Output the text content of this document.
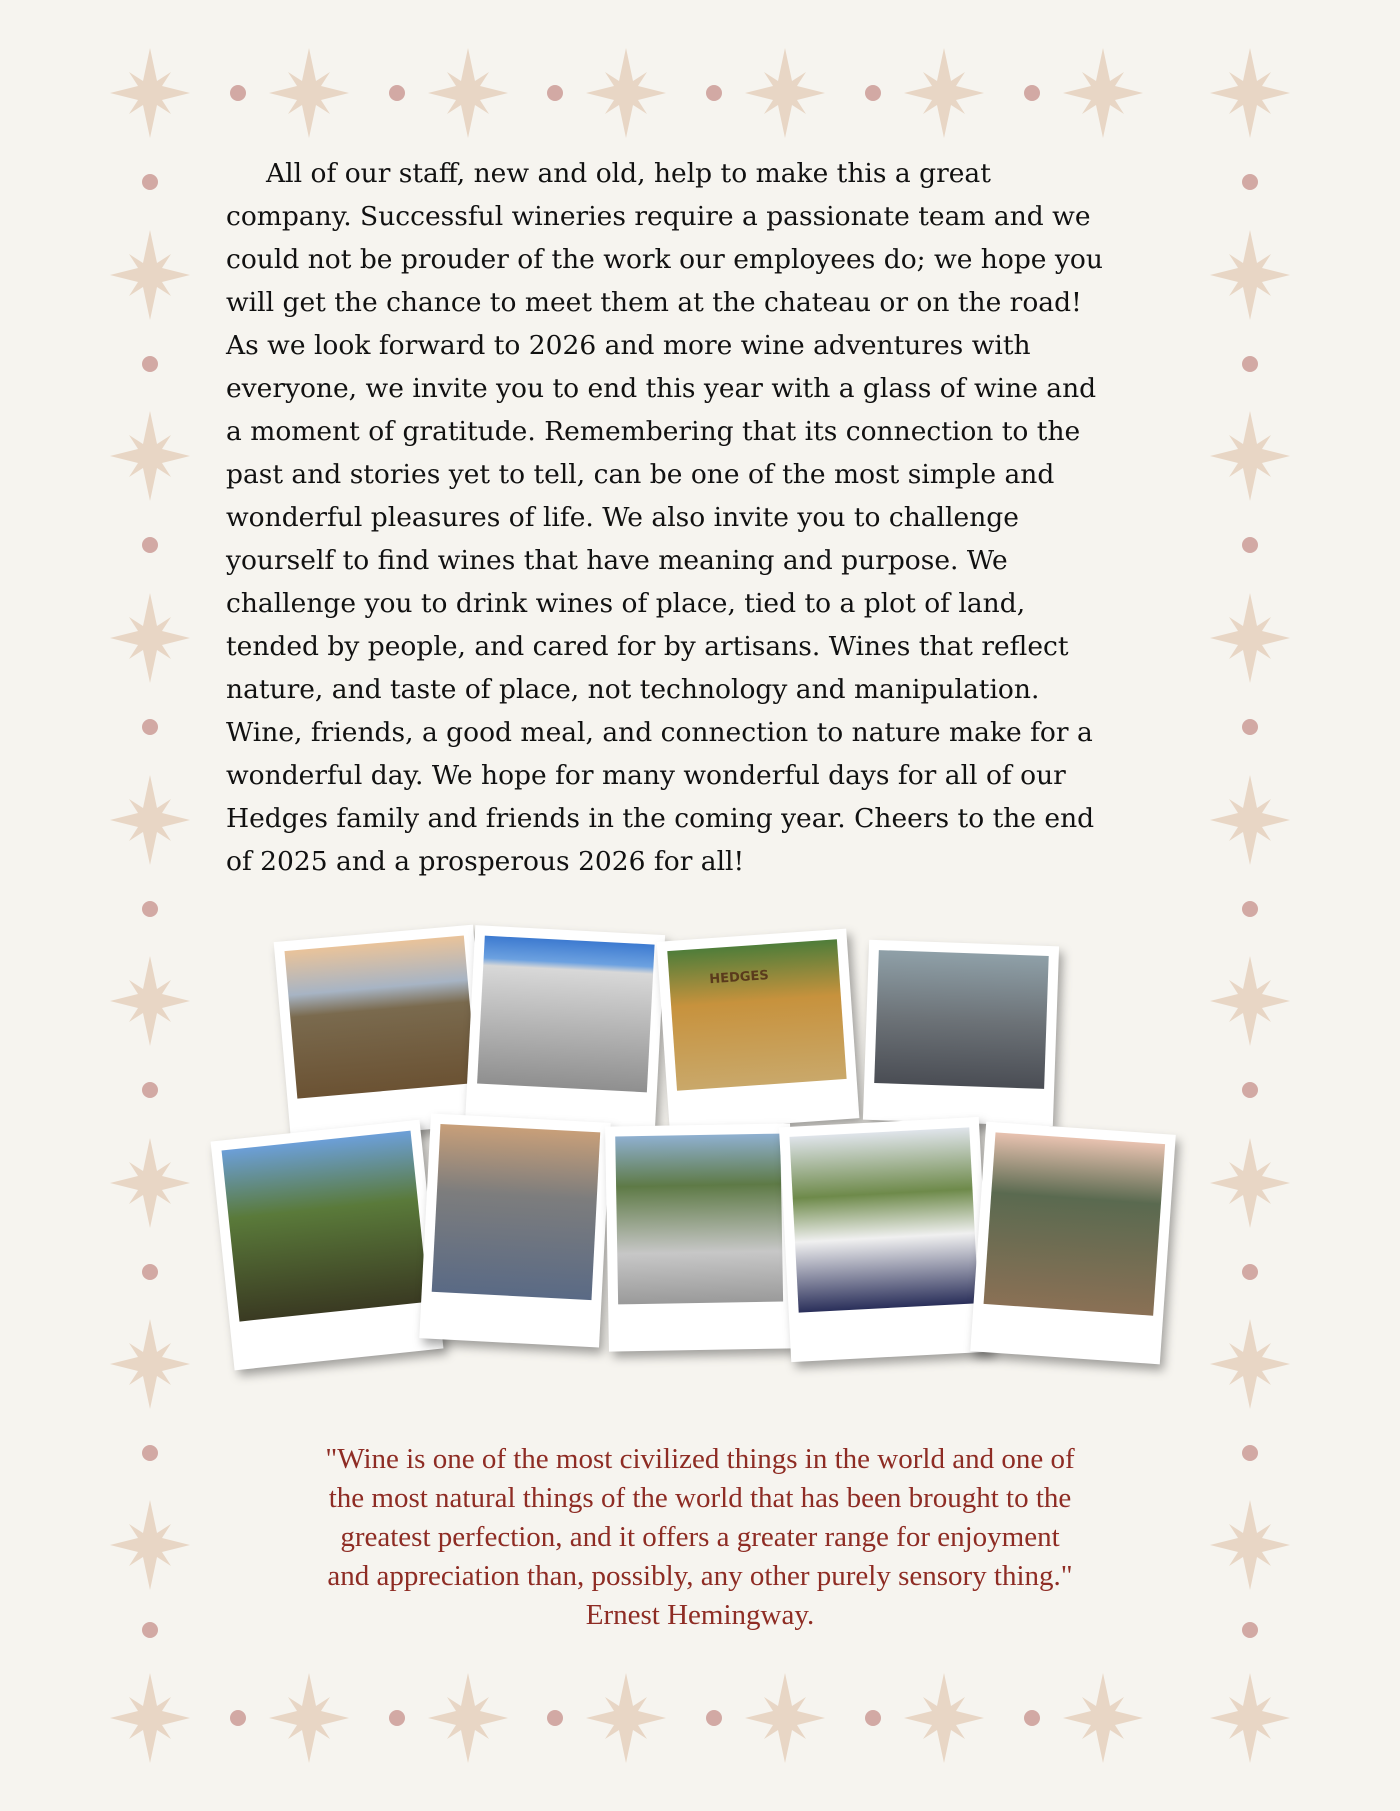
All of our staff, new and old, help to make this a great
company. Successful wineries require a passionate team and we
could not be prouder of the work our employees do; we hope you
will get the chance to meet them at the chateau or on the road!
As we look forward to 2026 and more wine adventures with
everyone, we invite you to end this year with a glass of wine and
a moment of gratitude. Remembering that its connection to the
past and stories yet to tell, can be one of the most simple and
wonderful pleasures of life. We also invite you to challenge
yourself to find wines that have meaning and purpose. We
challenge you to drink wines of place, tied to a plot of land,
tended by people, and cared for by artisans. Wines that reflect
nature, and taste of place, not technology and manipulation.
Wine, friends, a good meal, and connection to nature make for a
wonderful day. We hope for many wonderful days for all of our
Hedges family and friends in the coming year. Cheers to the end
of 2025 and a prosperous 2026 for all!
HEDGES
"Wine is one of the most civilized things in the world and one of
the most natural things of the world that has been brought to the
greatest perfection, and it offers a greater range for enjoyment
and appreciation than, possibly, any other purely sensory thing."
Ernest Hemingway.
